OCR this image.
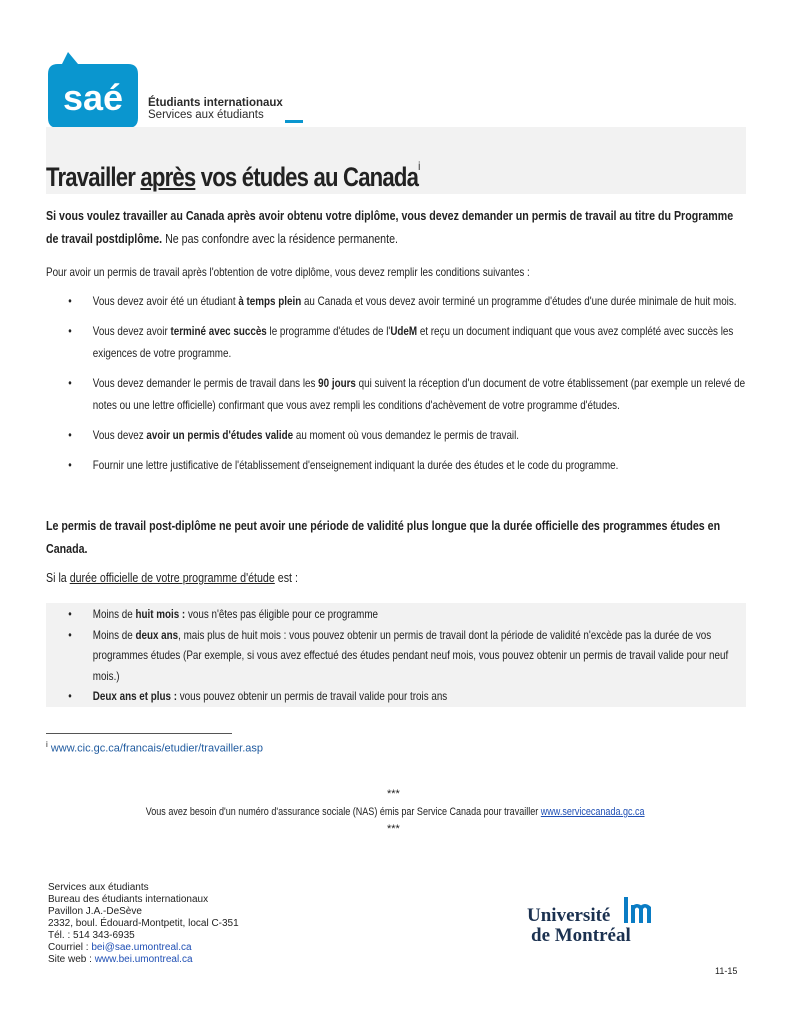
saé Étudiants internationaux
Services aux étudiants
Travailler après vos études au Canada$^i$
Si vous voulez travailler au Canada après avoir obtenu votre diplôme, vous devez demander un permis de travail au titre du Programme de travail postdiplôme. Ne pas confondre avec la résidence permanente.
Pour avoir un permis de travail après l'obtention de votre diplôme, vous devez remplir les conditions suivantes :
• Vous devez avoir été un étudiant à temps plein au Canada et vous devez avoir terminé un programme d'études d'une durée minimale de huit mois.
• Vous devez avoir terminé avec succès le programme d'études de l'UdeM et reçu un document indiquant que vous avez complété avec succès les exigences de votre programme.
• Vous devez demander le permis de travail dans les 90 jours qui suivent la réception d'un document de votre établissement (par exemple un relevé de notes ou une lettre officielle) confirmant que vous avez rempli les conditions d'achèvement de votre programme d'études.
• Vous devez avoir un permis d'études valide au moment où vous demandez le permis de travail.
• Fournir une lettre justificative de l'établissement d'enseignement indiquant la durée des études et le code du programme.
Le permis de travail post-diplôme ne peut avoir une période de validité plus longue que la durée officielle des programmes études en Canada.
Si la durée officielle de votre programme d'étude est :
• Moins de huit mois : vous n'êtes pas éligible pour ce programme
• Moins de deux ans, mais plus de huit mois : vous pouvez obtenir un permis de travail dont la période de validité n'excède pas la durée de vos programmes études (Par exemple, si vous avez effectué des études pendant neuf mois, vous pouvez obtenir un permis de travail valide pour neuf mois.)
• Deux ans et plus : vous pouvez obtenir un permis de travail valide pour trois ans
$^i$ www.cic.gc.ca/francais/etudier/travailler.asp
***
Vous avez besoin d'un numéro d'assurance sociale (NAS) émis par Service Canada pour travailler www.servicecanada.gc.ca
***
Services aux étudiants
Bureau des étudiants internationaux
Pavillon J.A.-DeSève
2332, boul. Édouard-Montpetit, local C-351
Tél. : 514 343-6935
Courriel : bei@sae.umontreal.ca
Site web : www.bei.umontreal.ca
Université
de Montréal
11-15
